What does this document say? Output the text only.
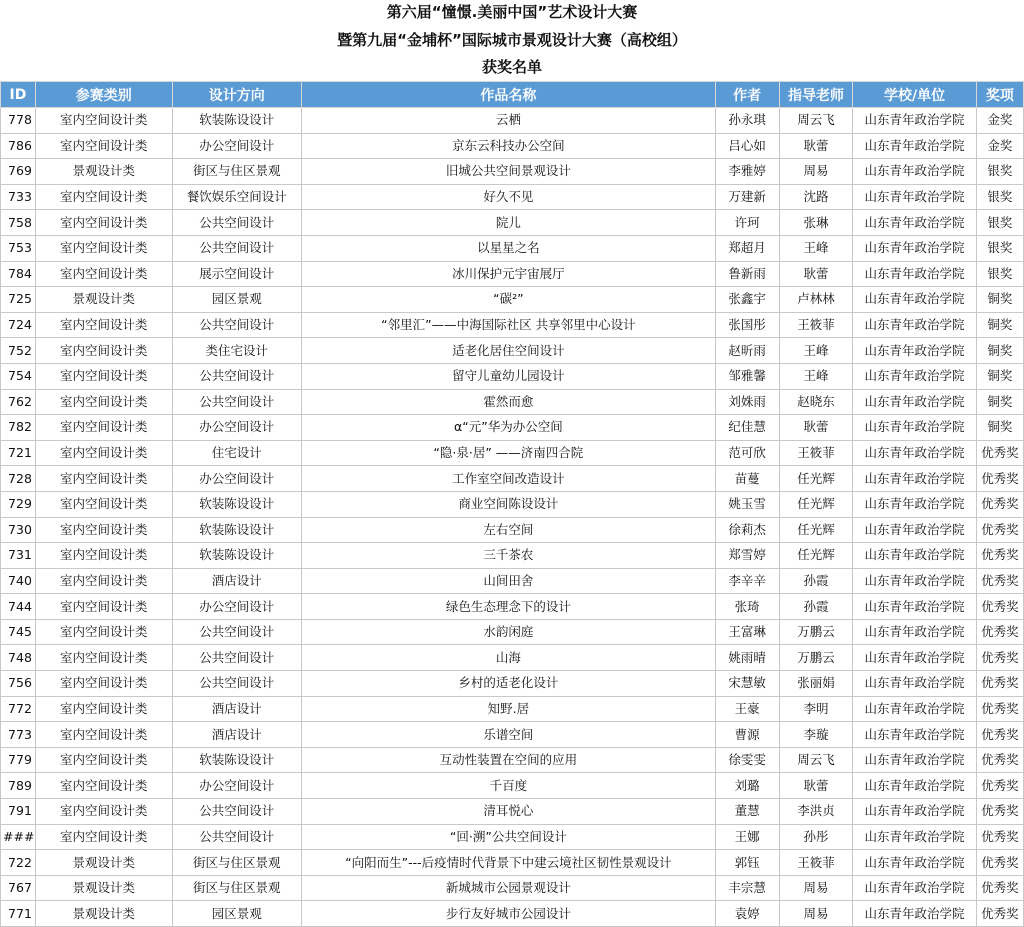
第六届“憧憬.美丽中国”艺术设计大赛
暨第九届“金埔杯”国际城市景观设计大赛（高校组）
获奖名单
ID	参赛类别	设计方向	作品名称	作者	指导老师	学校/单位	奖项
778	室内空间设计类	软装陈设设计	云栖	孙永琪	周云飞	山东青年政治学院	金奖
786	室内空间设计类	办公空间设计	京东云科技办公空间	吕心如	耿蕾	山东青年政治学院	金奖
769	景观设计类	街区与住区景观	旧城公共空间景观设计	李雅婷	周易	山东青年政治学院	银奖
733	室内空间设计类	餐饮娱乐空间设计	好久不见	万建新	沈路	山东青年政治学院	银奖
758	室内空间设计类	公共空间设计	院儿	许珂	张琳	山东青年政治学院	银奖
753	室内空间设计类	公共空间设计	以星星之名	郑超月	王峰	山东青年政治学院	银奖
784	室内空间设计类	展示空间设计	冰川保护元宇宙展厅	鲁新雨	耿蕾	山东青年政治学院	银奖
725	景观设计类	园区景观	“碳²”	张鑫宇	卢林林	山东青年政治学院	铜奖
724	室内空间设计类	公共空间设计	“邻里汇”——中海国际社区 共享邻里中心设计	张国彤	王筱菲	山东青年政治学院	铜奖
752	室内空间设计类	类住宅设计	适老化居住空间设计	赵昕雨	王峰	山东青年政治学院	铜奖
754	室内空间设计类	公共空间设计	留守儿童幼儿园设计	邹雅馨	王峰	山东青年政治学院	铜奖
762	室内空间设计类	公共空间设计	霍然而愈	刘姝雨	赵晓东	山东青年政治学院	铜奖
782	室内空间设计类	办公空间设计	α“元”华为办公空间	纪佳慧	耿蕾	山东青年政治学院	铜奖
721	室内空间设计类	住宅设计	“隐·泉·居” ——济南四合院	范可欣	王筱菲	山东青年政治学院	优秀奖
728	室内空间设计类	办公空间设计	工作室空间改造设计	苗蔓	任光辉	山东青年政治学院	优秀奖
729	室内空间设计类	软装陈设设计	商业空间陈设设计	姚玉雪	任光辉	山东青年政治学院	优秀奖
730	室内空间设计类	软装陈设设计	左右空间	徐莉杰	任光辉	山东青年政治学院	优秀奖
731	室内空间设计类	软装陈设设计	三千茶农	郑雪婷	任光辉	山东青年政治学院	优秀奖
740	室内空间设计类	酒店设计	山间田舍	李辛辛	孙霞	山东青年政治学院	优秀奖
744	室内空间设计类	办公空间设计	绿色生态理念下的设计	张琦	孙霞	山东青年政治学院	优秀奖
745	室内空间设计类	公共空间设计	水韵闲庭	王富琳	万鹏云	山东青年政治学院	优秀奖
748	室内空间设计类	公共空间设计	山海	姚雨晴	万鹏云	山东青年政治学院	优秀奖
756	室内空间设计类	公共空间设计	乡村的适老化设计	宋慧敏	张丽娟	山东青年政治学院	优秀奖
772	室内空间设计类	酒店设计	知野.居	王豪	李明	山东青年政治学院	优秀奖
773	室内空间设计类	酒店设计	乐谱空间	曹源	李璇	山东青年政治学院	优秀奖
779	室内空间设计类	软装陈设设计	互动性装置在空间的应用	徐雯雯	周云飞	山东青年政治学院	优秀奖
789	室内空间设计类	办公空间设计	千百度	刘璐	耿蕾	山东青年政治学院	优秀奖
791	室内空间设计类	公共空间设计	清耳悦心	董慧	李洪贞	山东青年政治学院	优秀奖
###	室内空间设计类	公共空间设计	“回·溯”公共空间设计	王娜	孙彤	山东青年政治学院	优秀奖
722	景观设计类	街区与住区景观	“向阳而生”---后疫情时代背景下中建云境社区韧性景观设计	郭钰	王筱菲	山东青年政治学院	优秀奖
767	景观设计类	街区与住区景观	新城城市公园景观设计	丰宗慧	周易	山东青年政治学院	优秀奖
771	景观设计类	园区景观	步行友好城市公园设计	袁婷	周易	山东青年政治学院	优秀奖
